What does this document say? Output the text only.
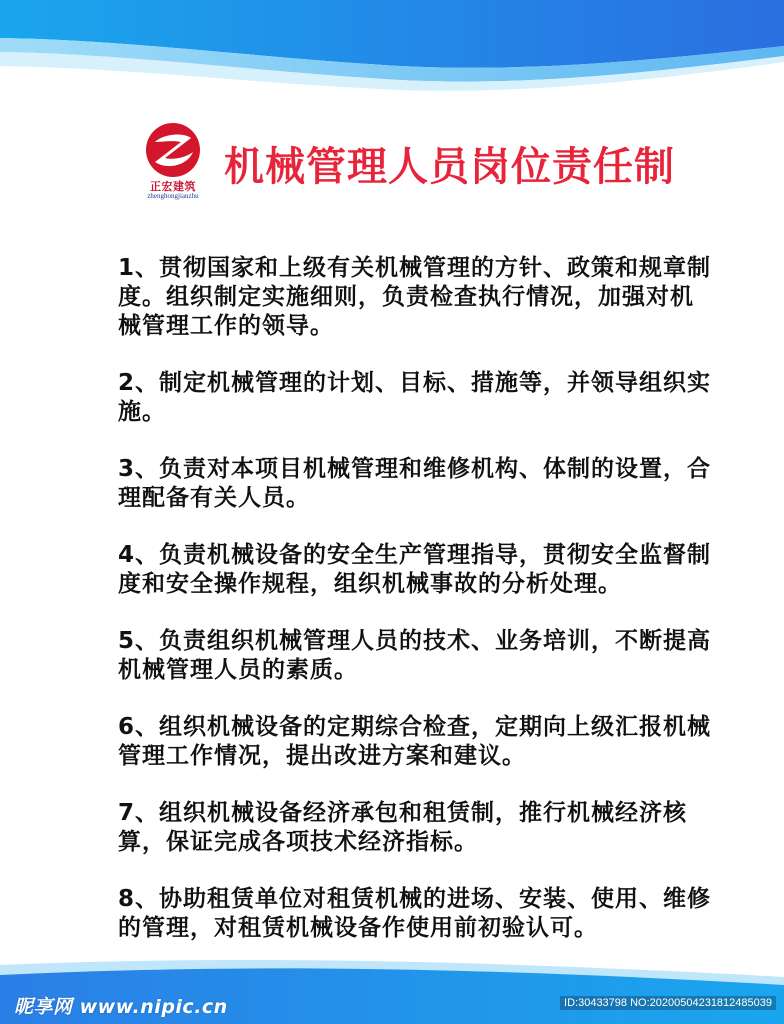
正宏建筑
zhenghongjianzhu
机械管理人员岗位责任制

1、贯彻国家和上级有关机械管理的方针、政策和规章制度。组织制定实施细则，负责检查执行情况，加强对机械管理工作的领导。

2、制定机械管理的计划、目标、措施等，并领导组织实施。

3、负责对本项目机械管理和维修机构、体制的设置，合理配备有关人员。

4、负责机械设备的安全生产管理指导，贯彻安全监督制度和安全操作规程，组织机械事故的分析处理。

5、负责组织机械管理人员的技术、业务培训，不断提高机械管理人员的素质。

6、组织机械设备的定期综合检查，定期向上级汇报机械管理工作情况，提出改进方案和建议。

7、组织机械设备经济承包和租赁制，推行机械经济核算，保证完成各项技术经济指标。

8、协助租赁单位对租赁机械的进场、安装、使用、维修的管理，对租赁机械设备作使用前初验认可。

昵享网 www.nipic.cn	ID:30433798 NO:20200504231812485039
